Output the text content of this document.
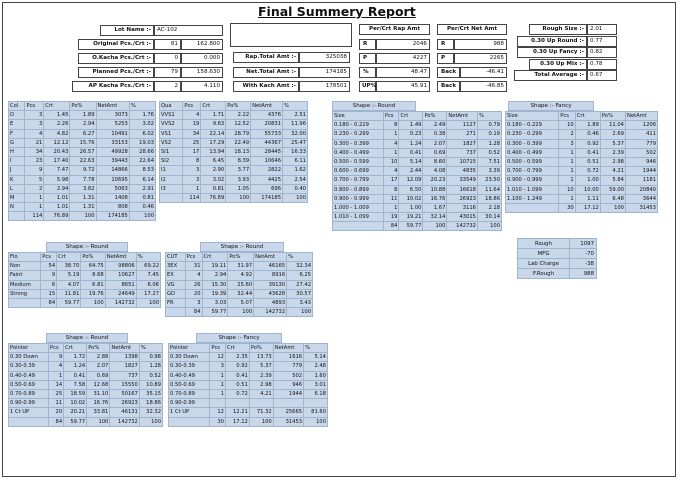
Final Summery Report
Lot Name :-	AC-102
Original Pcs./Crt :-	81	162.800
O.Kacha Pcs./Crt :-	0	0.000
Planned Pcs./Crt :-	79	158.630
AP Kacha Pcs./Crt :-	2	4.110
Rap.Total Amt :-	325038
Net.Total Amt :-	174185
With Kach Amt :-	178501
Per/Crt Rap Amt	Per/Crt Net Amt
R	2046	R	988
P	4227	P	2265
%	48.47	Back	-46.41
UP%	45.91	Back	-46.85
Rough Size :-	2.01
0.30 Up Round :-	0.77
0.30 Up Fancy :-	0.82
0.30 Up Mix :-	0.78
Total Average :-	0.67
Col	Pcs	Crt	Po%	NetAmt	%
D	3	1.45	1.89	3073	1.76
E	3	2.26	2.94	5253	3.02
F	4	4.82	6.27	10491	6.02
G	21	12.12	15.76	33153	19.03
H	34	20.43	26.57	49928	28.66
I	23	17.40	22.63	39443	22.64
J	9	7.47	9.72	14866	8.53
K	5	5.98	7.78	10695	6.14
L	2	2.94	3.82	5063	2.91
M	1	1.01	1.31	1408	0.81
N	1	1.01	1.31	808	0.46
	114	76.89	100	174185	100
Qua	Pcs	Crt	Po%	NetAmt	%
VVS1	4	1.71	2.22	4376	2.51
VVS2	19	9.63	12.52	20831	11.96
VS1	34	22.14	28.79	55733	32.00
VS2	25	17.29	22.49	44367	25.47
SI1	17	13.94	18.13	28445	16.33
SI2	8	6.45	8.39	10646	6.11
I1	3	2.90	3.77	2822	1.62
I2	3	3.02	3.93	4425	2.54
I3	1	0.81	1.05	696	0.40
	114	76.89	100	174185	100
Shape :- Round
Size	Pcs	Crt	Po%	NetAmt	%
0.180 - 0.229	8	1.49	2.49	1127	0.79
0.230 - 0.299	1	0.23	0.38	271	0.19
0.300 - 0.399	4	1.24	2.07	1827	1.28
0.400 - 0.499	1	0.41	0.69	737	0.52
0.500 - 0.599	10	5.14	8.60	10715	7.51
0.600 - 0.699	4	2.44	4.08	4835	3.39
0.700 - 0.799	17	12.09	20.23	33549	23.50
0.800 - 0.899	8	6.50	10.88	16618	11.64
0.900 - 0.999	11	10.02	16.76	26923	18.86
1.000 - 1.009	1	1.00	1.67	3116	2.18
1.010 - 1.099	19	19.21	32.14	43015	30.14
	84	59.77	100	142732	100
Shape :- Fancy
Size	Pcs	Crt	Po%	NetAmt
0.180 - 0.229	10	1.89	11.04	1206
0.230 - 0.299	2	0.46	2.69	411
0.300 - 0.399	3	0.92	5.37	779
0.400 - 0.499	1	0.41	2.39	502
0.500 - 0.599	1	0.51	2.98	946
0.700 - 0.799	1	0.72	4.21	1944
0.900 - 0.999	1	1.00	5.84	1181
1.010 - 1.099	10	10.00	59.00	20840
1.100 - 1.249	1	1.11	6.48	3644
	30	17.12	100	31453
Shape :- Round
Flo	Pcs	Crt	Po%	NetAmt	%
Non	54	38.70	64.75	98806	69.22
Faint	9	5.19	8.68	10627	7.45
Medium	6	4.07	6.81	8651	6.06
Strong	15	11.81	19.76	24649	17.27
	84	59.77	100	142732	100
Shape :- Round
CUT	Pcs	Crt	Po%	NetAmt	%
3EX	31	19.11	31.97	46165	32.34
EX	4	2.94	4.92	8916	6.25
VG	26	15.30	25.60	39130	27.42
GD	20	19.39	32.44	43628	30.57
FR	3	3.03	5.07	4893	3.43
	84	59.77	100	142732	100
Rough	1097
MFG	-70
Lab Charge	-38
F.Rough	988
Shape :- Round
Pointer	Pcs	Crt	Po%	NetAmt	%
0.30 Down	9	1.72	2.88	1398	0.98
0.30-0.39	4	1.24	2.07	1827	1.28
0.40-0.49	1	0.41	0.69	737	0.52
0.50-0.69	14	7.58	12.68	15550	10.89
0.70-0.89	25	18.59	31.10	50167	35.15
0.90-0.99	11	10.02	16.76	26923	18.86
1 Ct UP	20	20.21	33.81	46131	32.32
	84	59.77	100	142732	100
Shape :- Fancy
Pointer	Pcs	Crt	Po%	NetAmt	%
0.30 Down	12	2.35	13.73	1616	5.14
0.30-0.39	3	0.92	5.37	779	2.48
0.40-0.49	1	0.41	2.39	502	1.60
0.50-0.69	1	0.51	2.98	946	3.01
0.70-0.89	1	0.72	4.21	1944	6.18
0.90-0.99					
1 Ct UP	12	12.21	71.32	25665	81.60
	30	17.12	100	31453	100
